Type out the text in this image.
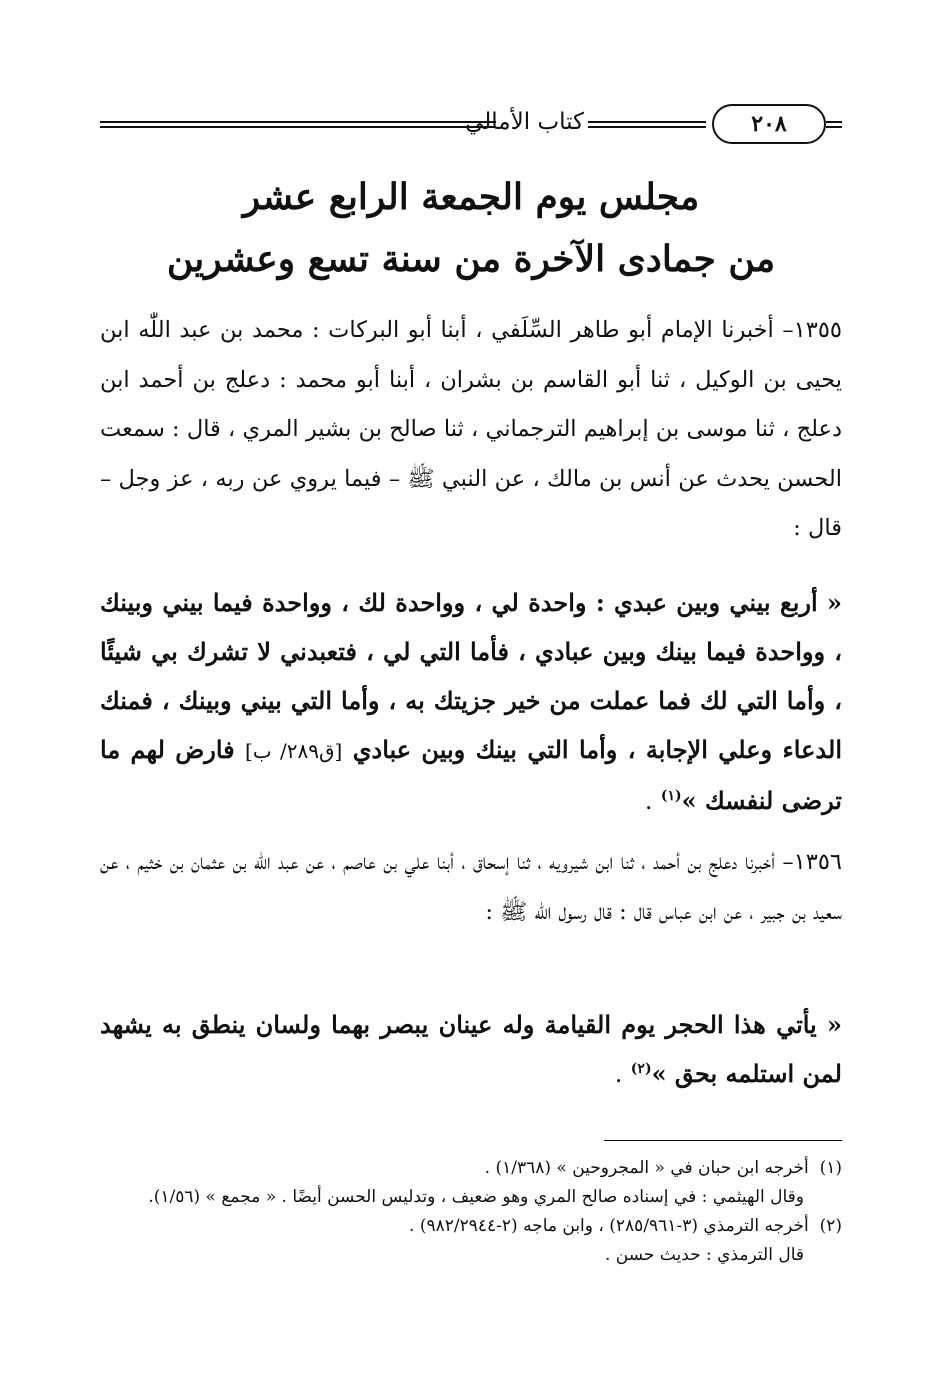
٢٠٨
كتاب الأمالي
مجلس يوم الجمعة الرابع عشر
من جمادى الآخرة من سنة تسع وعشرين
١٣٥٥– أخبرنا الإمام أبو طاهر السِّلَفي ، أبنا أبو البركات : محمد بن عبد اللّٰه ابن يحيى بن الوكيل ، ثنا أبو القاسم بن بشران ، أبنا أبو محمد : دعلج بن أحمد ابن دعلج ، ثنا موسى بن إبراهيم الترجماني ، ثنا صالح بن بشير المري ، قال : سمعت الحسن يحدث عن أنس بن مالك ، عن النبي ﷺ – فيما يروي عن ربه ، عز وجل – قال :
« أربع بيني وبين عبدي : واحدة لي ، وواحدة لك ، وواحدة فيما بيني وبينك ، وواحدة فيما بينك وبين عبادي ، فأما التي لي ، فتعبدني لا تشرك بي شيئًا ، وأما التي لك فما عملت من خير جزيتك به ، وأما التي بيني وبينك ، فمنك الدعاء وعلي الإجابة ، وأما التي بينك وبين عبادي [ق٢٨٩/ ب] فارض لهم ما ترضى لنفسك »$^{(١)}$ .
١٣٥٦– أخبرنا دعلج بن أحمد ، ثنا ابن شيرويه ، ثنا إسحاق ، أبنا علي بن عاصم ، عن عبد اللّٰه بن عثمان بن خثيم ، عن سعيد بن جبير ، عن ابن عباس قال : قال رسول اللّٰه ﷺ :
« يأتي هذا الحجر يوم القيامة وله عينان يبصر بهما ولسان ينطق به يشهد لمن استلمه بحق »$^{(٢)}$ .
(١)  أخرجه ابن حبان في « المجروحين » (١/٣٦٨) .
وقال الهيثمي : في إسناده صالح المري وهو ضعيف ، وتدليس الحسن أيضًا . « مجمع » (١/٥٦).
(٢)  أخرجه الترمذي (٣-٢٨٥/٩٦١) ، وابن ماجه (٢-٩٨٢/٢٩٤٤) .
قال الترمذي : حديث حسن .
